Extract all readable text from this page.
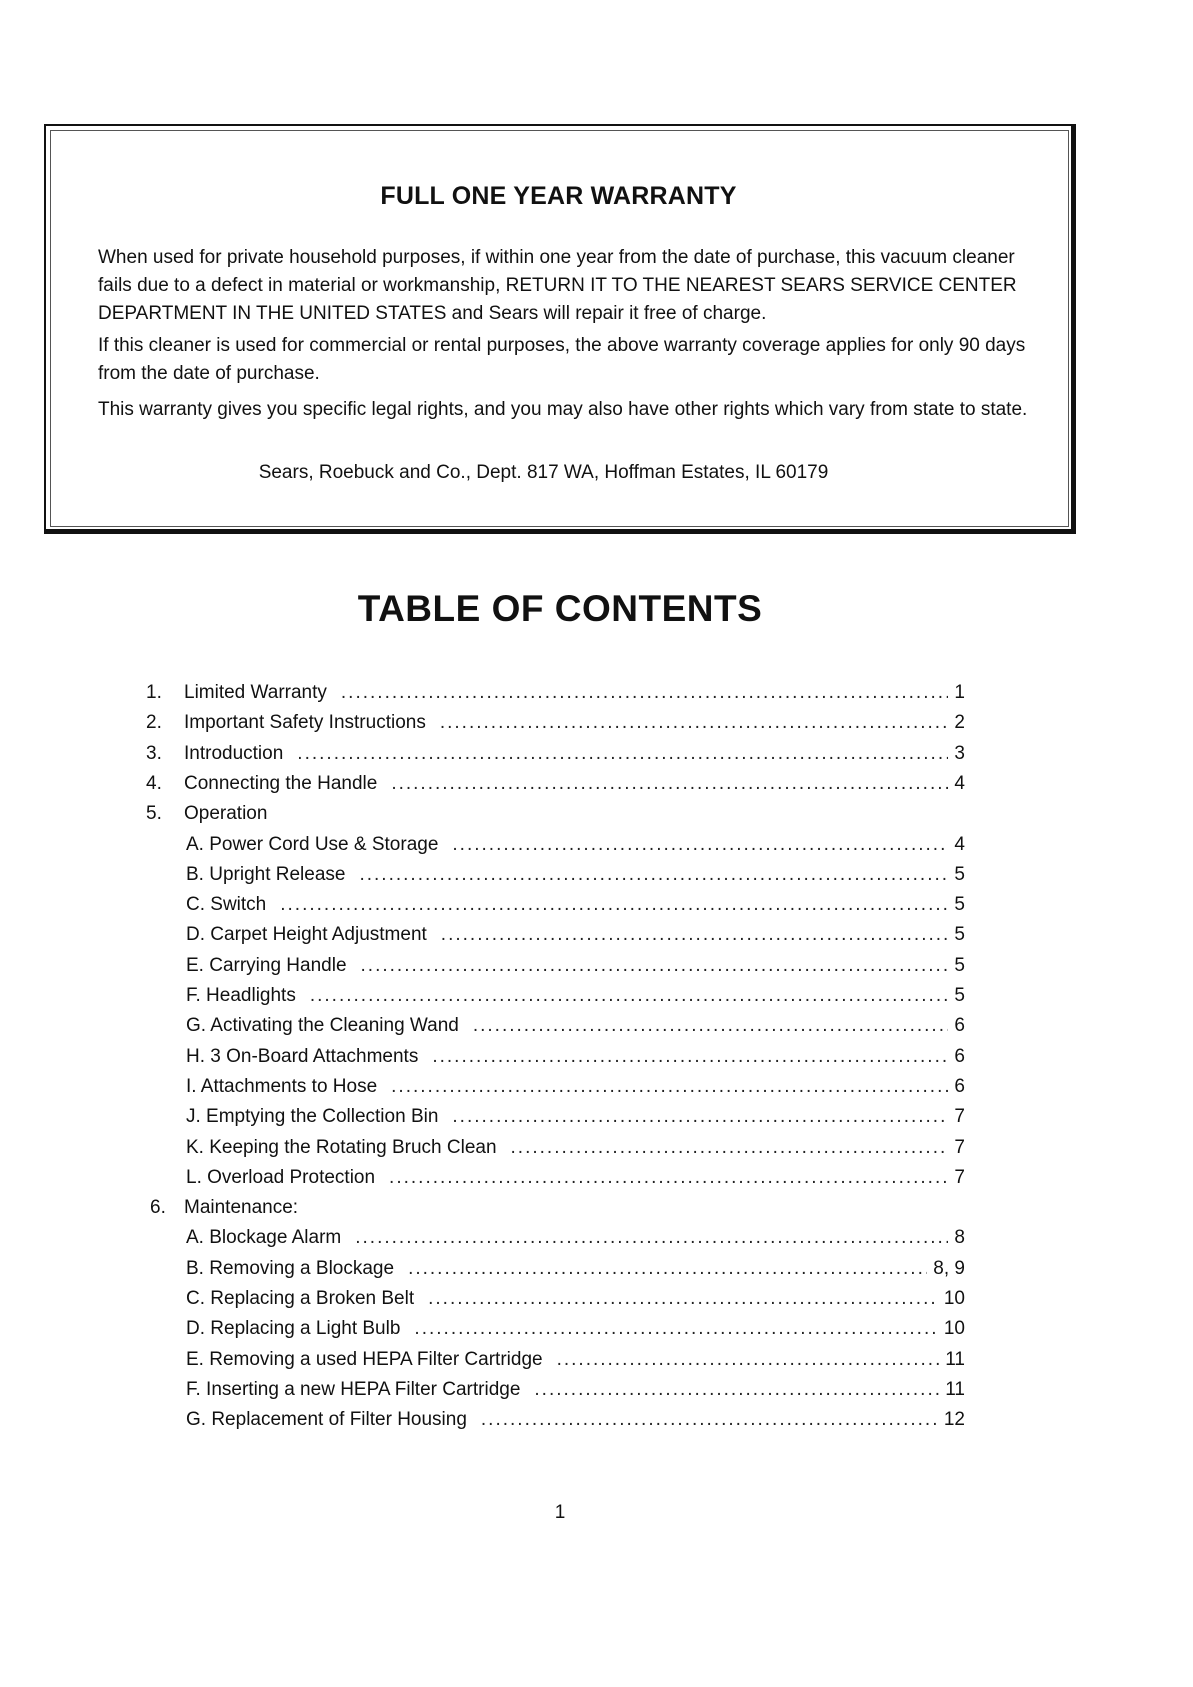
FULL ONE YEAR WARRANTY

When used for private household purposes, if within one year from the date of purchase, this vacuum cleaner fails due to a defect in material or workmanship, RETURN IT TO THE NEAREST SEARS SERVICE CENTER DEPARTMENT IN THE UNITED STATES and Sears will repair it free of charge.

If this cleaner is used for commercial or rental purposes, the above warranty coverage applies for only 90 days from the date of purchase.

This warranty gives you specific legal rights, and you may also have other rights which vary from state to state.

Sears, Roebuck and Co., Dept. 817 WA, Hoffman Estates, IL 60179
TABLE OF CONTENTS
1.	Limited Warranty .....	1
2.	Important Safety Instructions .....	2
3.	Introduction .....	3
4.	Connecting the Handle .....	4
5.	Operation
A. Power Cord Use & Storage .....	4
B. Upright Release .....	5
C. Switch .....	5
D. Carpet Height Adjustment .....	5
E. Carrying Handle .....	5
F. Headlights .....	5
G. Activating the Cleaning Wand .....	6
H. 3 On-Board Attachments .....	6
I. Attachments to Hose .....	6
J. Emptying the Collection Bin .....	7
K. Keeping the Rotating Bruch Clean .....	7
L. Overload Protection .....	7
6. Maintenance:
A. Blockage Alarm .....	8
B. Removing a Blockage .....	8, 9
C. Replacing a Broken Belt .....	10
D. Replacing a Light Bulb .....	10
E. Removing a used HEPA Filter Cartridge .....	11
F. Inserting a new HEPA Filter Cartridge .....	11
G. Replacement of Filter Housing .....	12
1
